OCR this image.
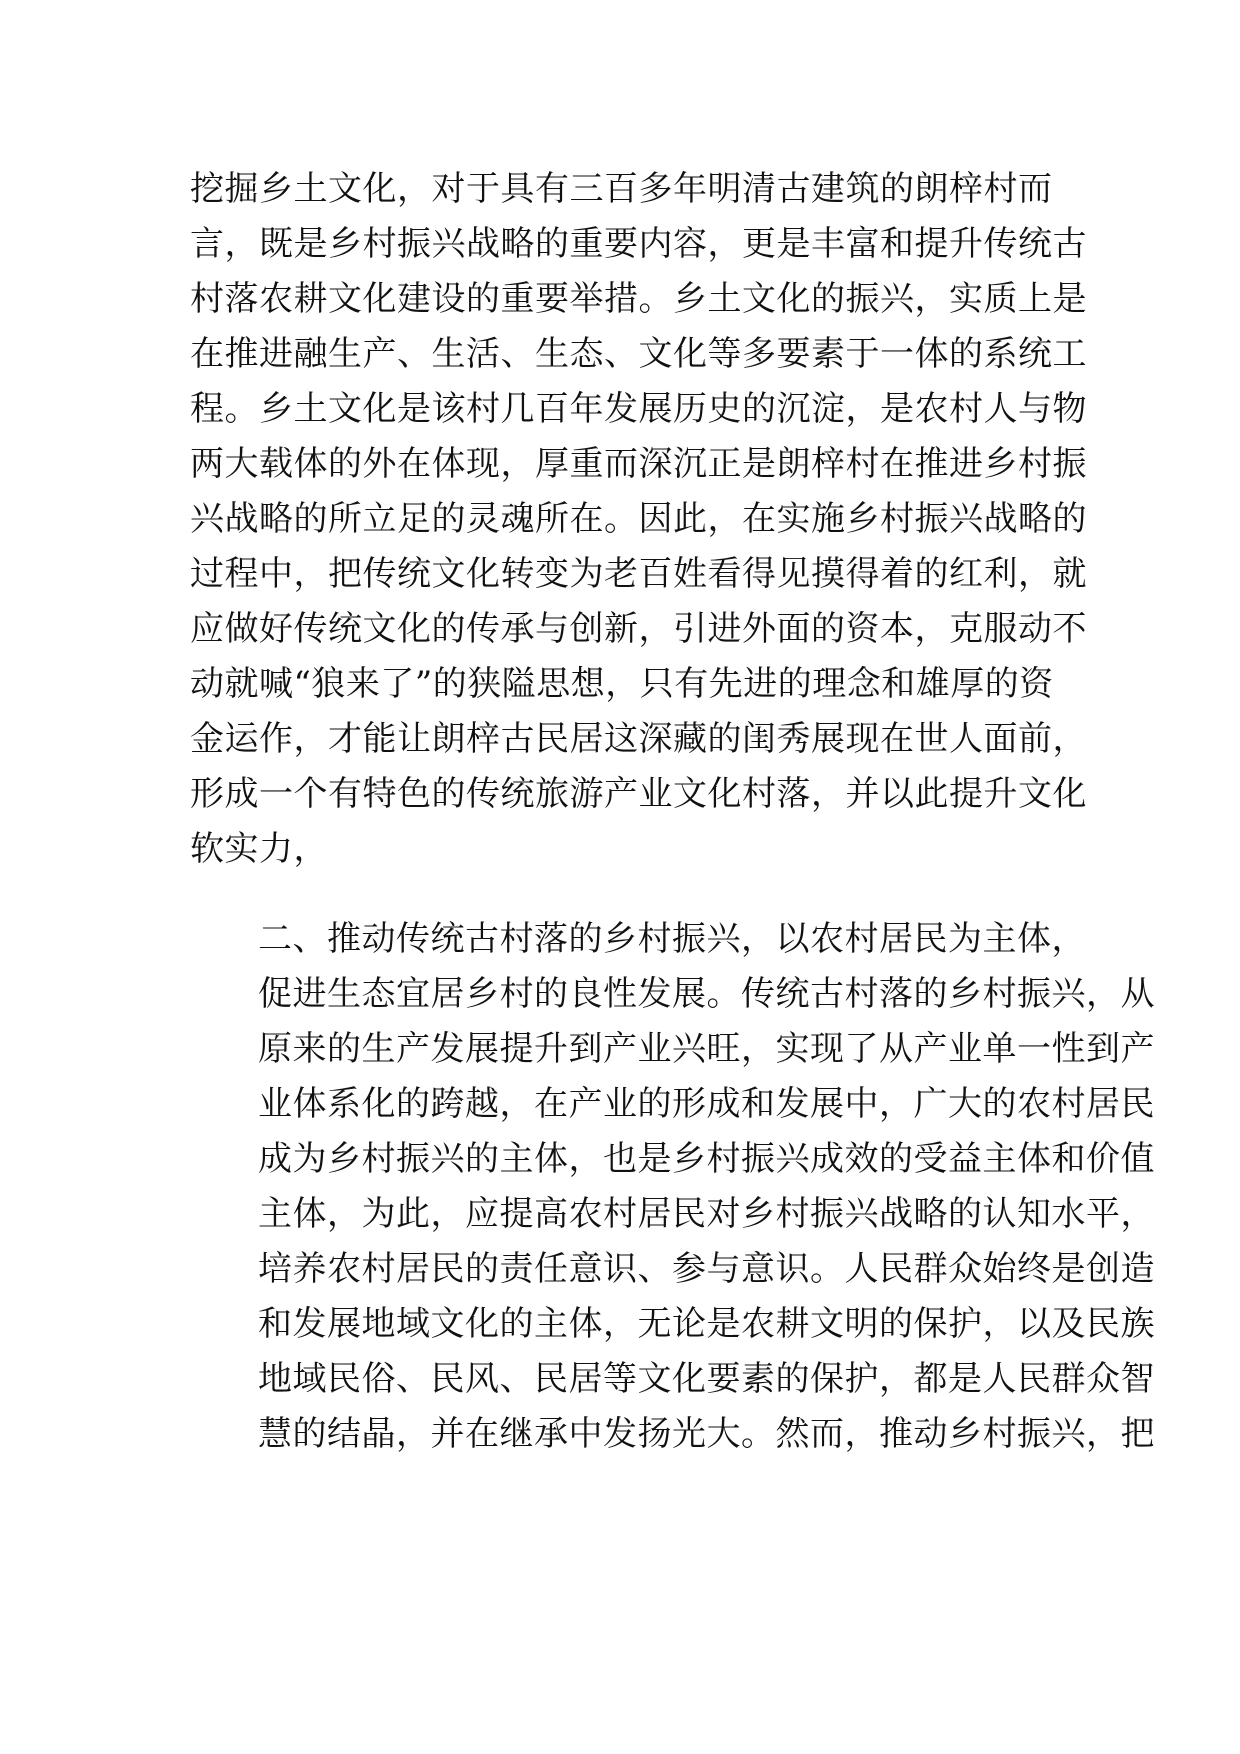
挖掘乡土文化，对于具有三百多年明清古建筑的朗梓村而
言，既是乡村振兴战略的重要内容，更是丰富和提升传统古
村落农耕文化建设的重要举措。乡土文化的振兴，实质上是
在推进融生产、生活、生态、文化等多要素于一体的系统工
程。乡土文化是该村几百年发展历史的沉淀，是农村人与物
两大载体的外在体现，厚重而深沉正是朗梓村在推进乡村振
兴战略的所立足的灵魂所在。因此，在实施乡村振兴战略的
过程中，把传统文化转变为老百姓看得见摸得着的红利，就
应做好传统文化的传承与创新，引进外面的资本，克服动不
动就喊“狼来了”的狭隘思想，只有先进的理念和雄厚的资
金运作，才能让朗梓古民居这深藏的闺秀展现在世人面前，
形成一个有特色的传统旅游产业文化村落，并以此提升文化
软实力，
二、推动传统古村落的乡村振兴，以农村居民为主体，
促进生态宜居乡村的良性发展。传统古村落的乡村振兴，从
原来的生产发展提升到产业兴旺，实现了从产业单一性到产
业体系化的跨越，在产业的形成和发展中，广大的农村居民
成为乡村振兴的主体，也是乡村振兴成效的受益主体和价值
主体，为此，应提高农村居民对乡村振兴战略的认知水平，
培养农村居民的责任意识、参与意识。人民群众始终是创造
和发展地域文化的主体，无论是农耕文明的保护，以及民族
地域民俗、民风、民居等文化要素的保护，都是人民群众智
慧的结晶，并在继承中发扬光大。然而，推动乡村振兴，把
